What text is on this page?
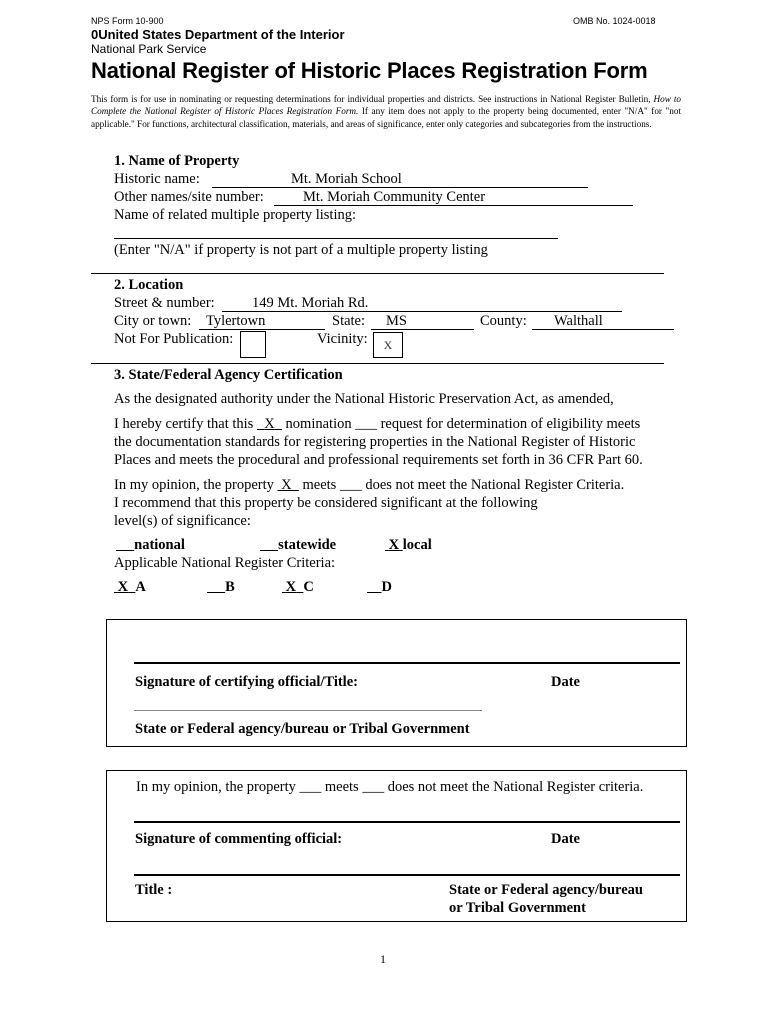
NPS Form 10-900	OMB No. 1024-0018
0United States Department of the Interior
National Park Service
National Register of Historic Places Registration Form
This form is for use in nominating or requesting determinations for individual properties and districts. See instructions in National Register Bulletin, How to Complete the National Register of Historic Places Registration Form. If any item does not apply to the property being documented, enter "N/A" for "not applicable." For functions, architectural classification, materials, and areas of significance, enter only categories and subcategories from the instructions.
1. Name of Property
Historic name:	Mt. Moriah School
Other names/site number:	Mt. Moriah Community Center
Name of related multiple property listing:
(Enter "N/A" if property is not part of a multiple property listing
2. Location
Street & number:	149 Mt. Moriah Rd.
City or town: Tylertown	State: MS	County: Walthall
Not For Publication:	Vicinity:	X
3. State/Federal Agency Certification
As the designated authority under the National Historic Preservation Act, as amended,
I hereby certify that this X nomination ___ request for determination of eligibility meets
the documentation standards for registering properties in the National Register of Historic
Places and meets the procedural and professional requirements set forth in 36 CFR Part 60.
In my opinion, the property X meets ___ does not meet the National Register Criteria.
I recommend that this property be considered significant at the following
level(s) of significance:
national	statewide	X local
Applicable National Register Criteria:
X A	B	X C	D
Signature of certifying official/Title:	Date
State or Federal agency/bureau or Tribal Government
In my opinion, the property ___ meets ___ does not meet the National Register criteria.
Signature of commenting official:	Date
Title :	State or Federal agency/bureau
or Tribal Government
1
